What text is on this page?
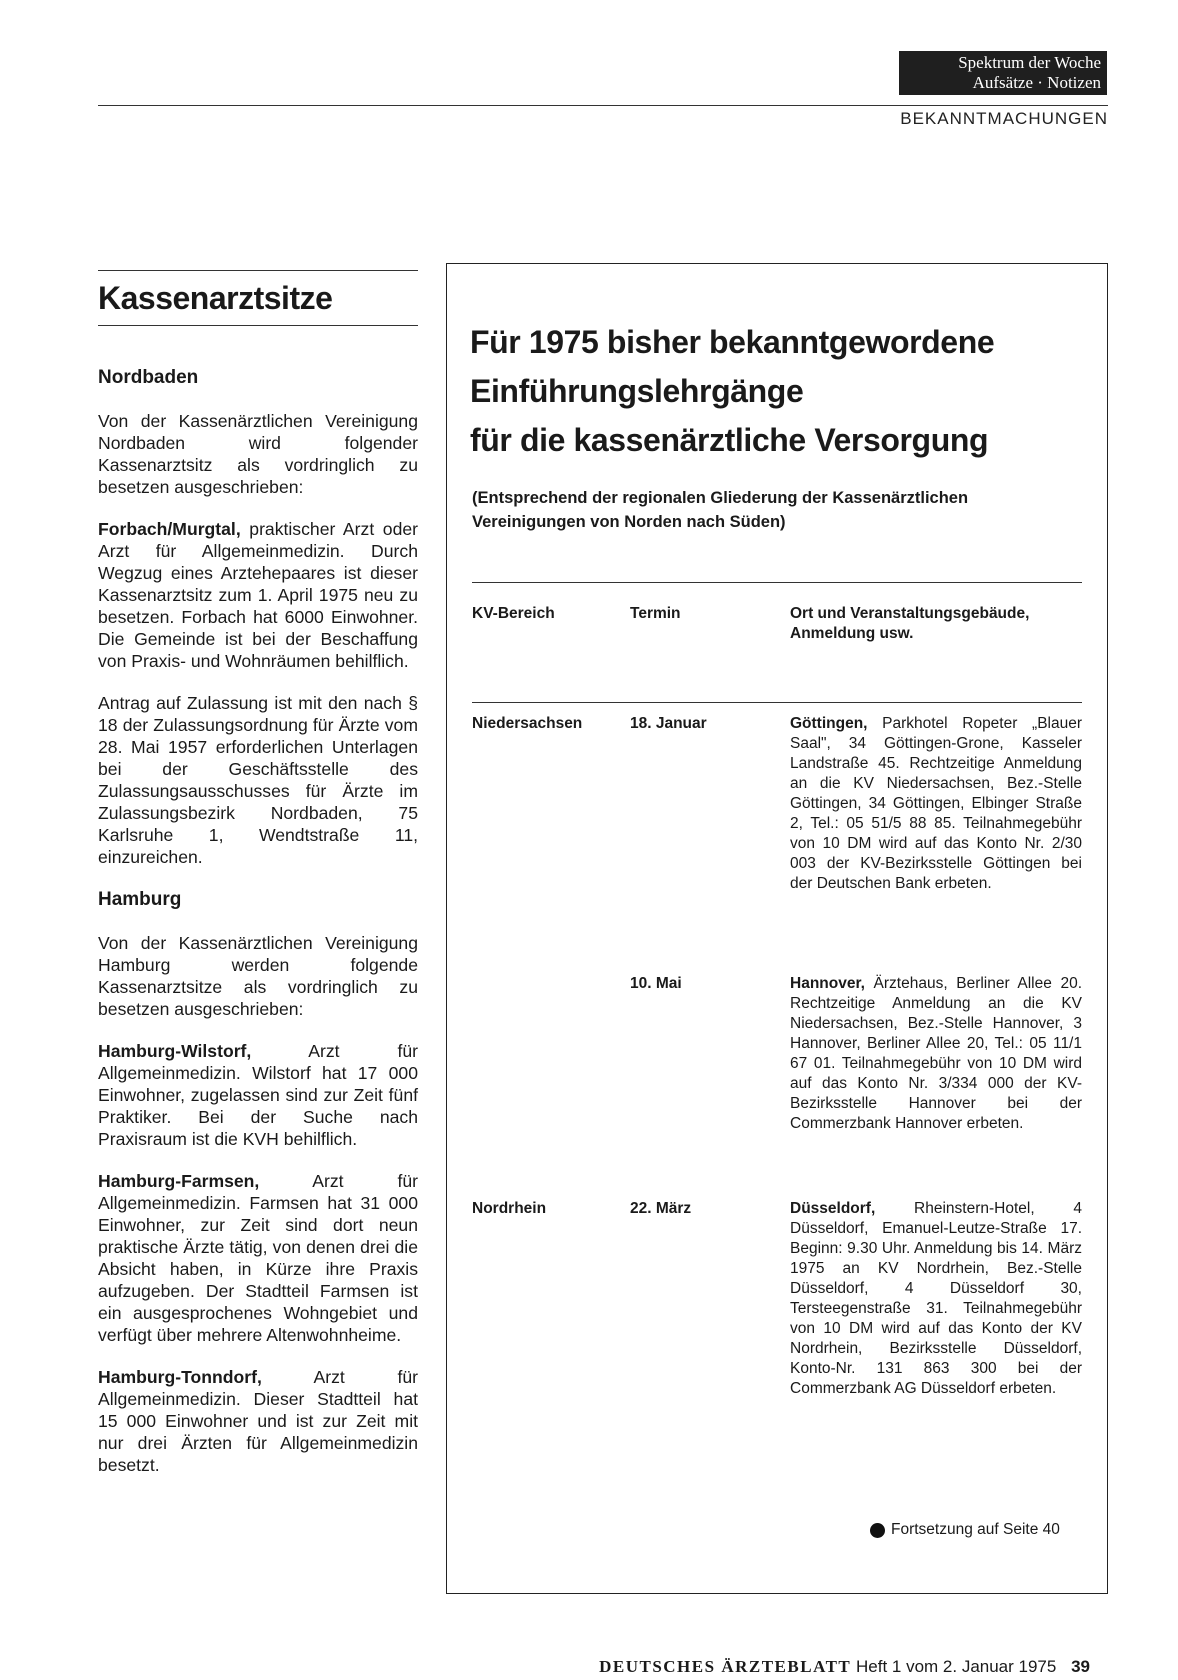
Spektrum der Woche
Aufsätze · Notizen
BEKANNTMACHUNGEN
Kassenarztsitze
Nordbaden

Von der Kassenärztlichen Vereinigung Nordbaden wird folgender Kassenarztsitz als vordringlich zu besetzen ausgeschrieben:

Forbach/Murgtal, praktischer Arzt oder Arzt für Allgemeinmedizin. Durch Wegzug eines Arztehepaares ist dieser Kassenarztsitz zum 1. April 1975 neu zu besetzen. Forbach hat 6000 Einwohner. Die Gemeinde ist bei der Beschaffung von Praxis- und Wohnräumen behilflich.

Antrag auf Zulassung ist mit den nach § 18 der Zulassungsordnung für Ärzte vom 28. Mai 1957 erforderlichen Unterlagen bei der Geschäftsstelle des Zulassungsausschusses für Ärzte im Zulassungsbezirk Nordbaden, 75 Karlsruhe 1, Wendtstraße 11, einzureichen.

Hamburg

Von der Kassenärztlichen Vereinigung Hamburg werden folgende Kassenarztsitze als vordringlich zu besetzen ausgeschrieben:

Hamburg-Wilstorf, Arzt für Allgemeinmedizin. Wilstorf hat 17 000 Einwohner, zugelassen sind zur Zeit fünf Praktiker. Bei der Suche nach Praxisraum ist die KVH behilflich.

Hamburg-Farmsen, Arzt für Allgemeinmedizin. Farmsen hat 31 000 Einwohner, zur Zeit sind dort neun praktische Ärzte tätig, von denen drei die Absicht haben, in Kürze ihre Praxis aufzugeben. Der Stadtteil Farmsen ist ein ausgesprochenes Wohngebiet und verfügt über mehrere Altenwohnheime.

Hamburg-Tonndorf, Arzt für Allgemeinmedizin. Dieser Stadtteil hat 15 000 Einwohner und ist zur Zeit mit nur drei Ärzten für Allgemeinmedizin besetzt.

Für 1975 bisher bekanntgewordene
Einführungslehrgänge
für die kassenärztliche Versorgung
(Entsprechend der regionalen Gliederung der Kassenärztlichen Vereinigungen von Norden nach Süden)
KV-Bereich	Termin	Ort und Veranstaltungsgebäude, Anmeldung usw.
Niedersachsen	18. Januar	Göttingen, Parkhotel Ropeter „Blauer Saal", 34 Göttingen-Grone, Kasseler Landstraße 45. Rechtzeitige Anmeldung an die KV Niedersachsen, Bez.-Stelle Göttingen, 34 Göttingen, Elbinger Straße 2, Tel.: 05 51/5 88 85. Teilnahmegebühr von 10 DM wird auf das Konto Nr. 2/30 003 der KV-Bezirksstelle Göttingen bei der Deutschen Bank erbeten.
10. Mai	Hannover, Ärztehaus, Berliner Allee 20. Rechtzeitige Anmeldung an die KV Niedersachsen, Bez.-Stelle Hannover, 3 Hannover, Berliner Allee 20, Tel.: 05 11/1 67 01. Teilnahmegebühr von 10 DM wird auf das Konto Nr. 3/334 000 der KV-Bezirksstelle Hannover bei der Commerzbank Hannover erbeten.
Nordrhein	22. März	Düsseldorf, Rheinstern-Hotel, 4 Düsseldorf, Emanuel-Leutze-Straße 17. Beginn: 9.30 Uhr. Anmeldung bis 14. März 1975 an KV Nordrhein, Bez.-Stelle Düsseldorf, 4 Düsseldorf 30, Tersteegenstraße 31. Teilnahmegebühr von 10 DM wird auf das Konto der KV Nordrhein, Bezirksstelle Düsseldorf, Konto-Nr. 131 863 300 bei der Commerzbank AG Düsseldorf erbeten.
Fortsetzung auf Seite 40
DEUTSCHES ÄRZTEBLATT Heft 1 vom 2. Januar 1975 39
